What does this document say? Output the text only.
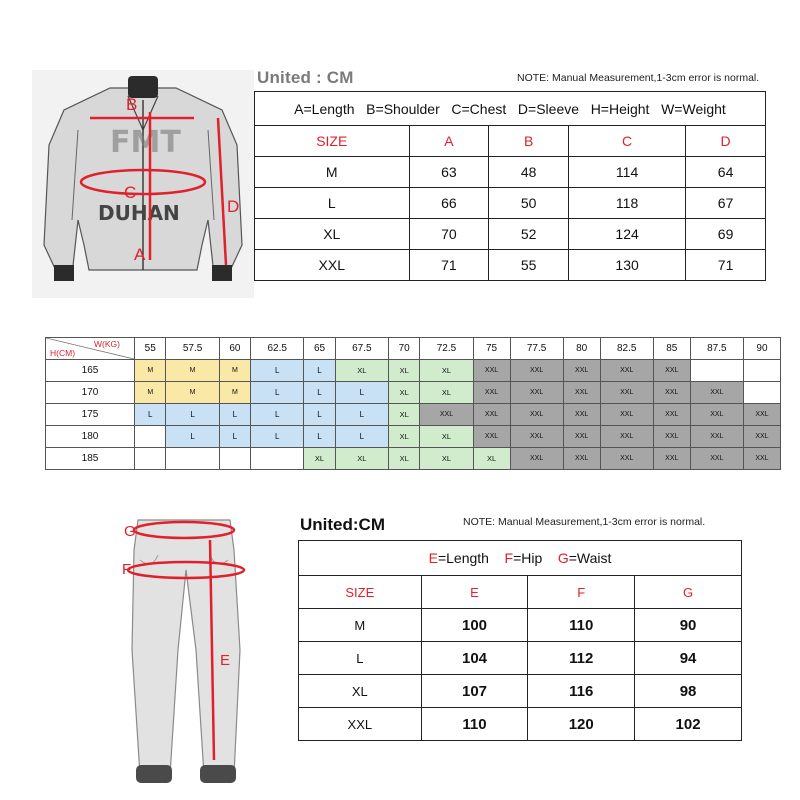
FMT
DUHAN
B
C
D
A
United : CM	NOTE: Manual Measurement,1-3cm error is normal.
A=Length   B=Shoulder   C=Chest   D=Sleeve   H=Height   W=Weight				
SIZE	A	B	C	D
M	63	48	114	64
L	66	50	118	67
XL	70	52	124	69
XXL	71	55	130	71
H(CM)
W(KG)	55	57.5	60	62.5	65	67.5	70	72.5	75	77.5	80	82.5	85	87.5	90
165	M	M	M	L	L	XL	XL	XL	XXL	XXL	XXL	XXL	XXL		
170	M	M	M	L	L	L	XL	XL	XXL	XXL	XXL	XXL	XXL	XXL	
175	L	L	L	L	L	L	XL	XXL	XXL	XXL	XXL	XXL	XXL	XXL	XXL
180		L	L	L	L	L	XL	XL	XXL	XXL	XXL	XXL	XXL	XXL	XXL
185					XL	XL	XL	XL	XL	XXL	XXL	XXL	XXL	XXL	XXL
G
F
E
United:CM	NOTE: Manual Measurement,1-3cm error is normal.
E=Length F=Hip G=Waist			
SIZE	E	F	G
M	100	110	90
L	104	112	94
XL	107	116	98
XXL	110	120	102
